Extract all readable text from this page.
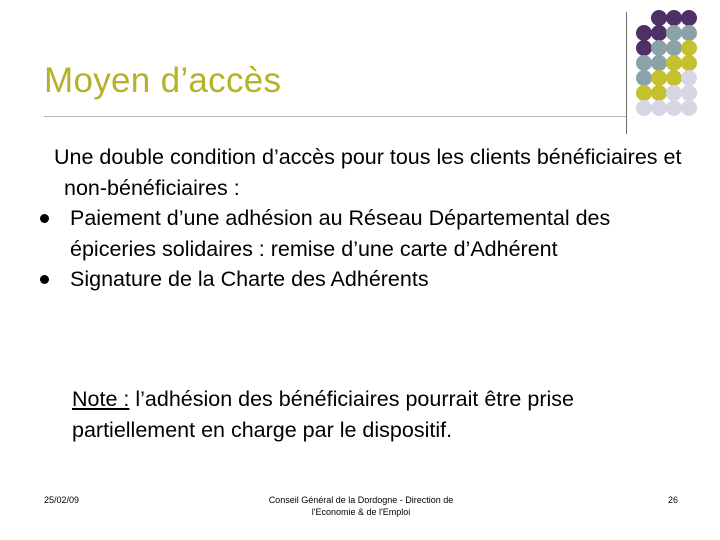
Moyen d’accès

Une double condition d’accès pour tous les clients bénéficiaires et non-bénéficiaires :

Paiement d’une adhésion au Réseau Départemental des épiceries solidaires : remise d’une carte d’Adhérent
Signature de la Charte des Adhérents
Note : l’adhésion des bénéficiaires pourrait être prise partiellement en charge par le dispositif.
25/02/09	Conseil Général de la Dordogne - Direction de
l'Economie & de l'Emploi
26
